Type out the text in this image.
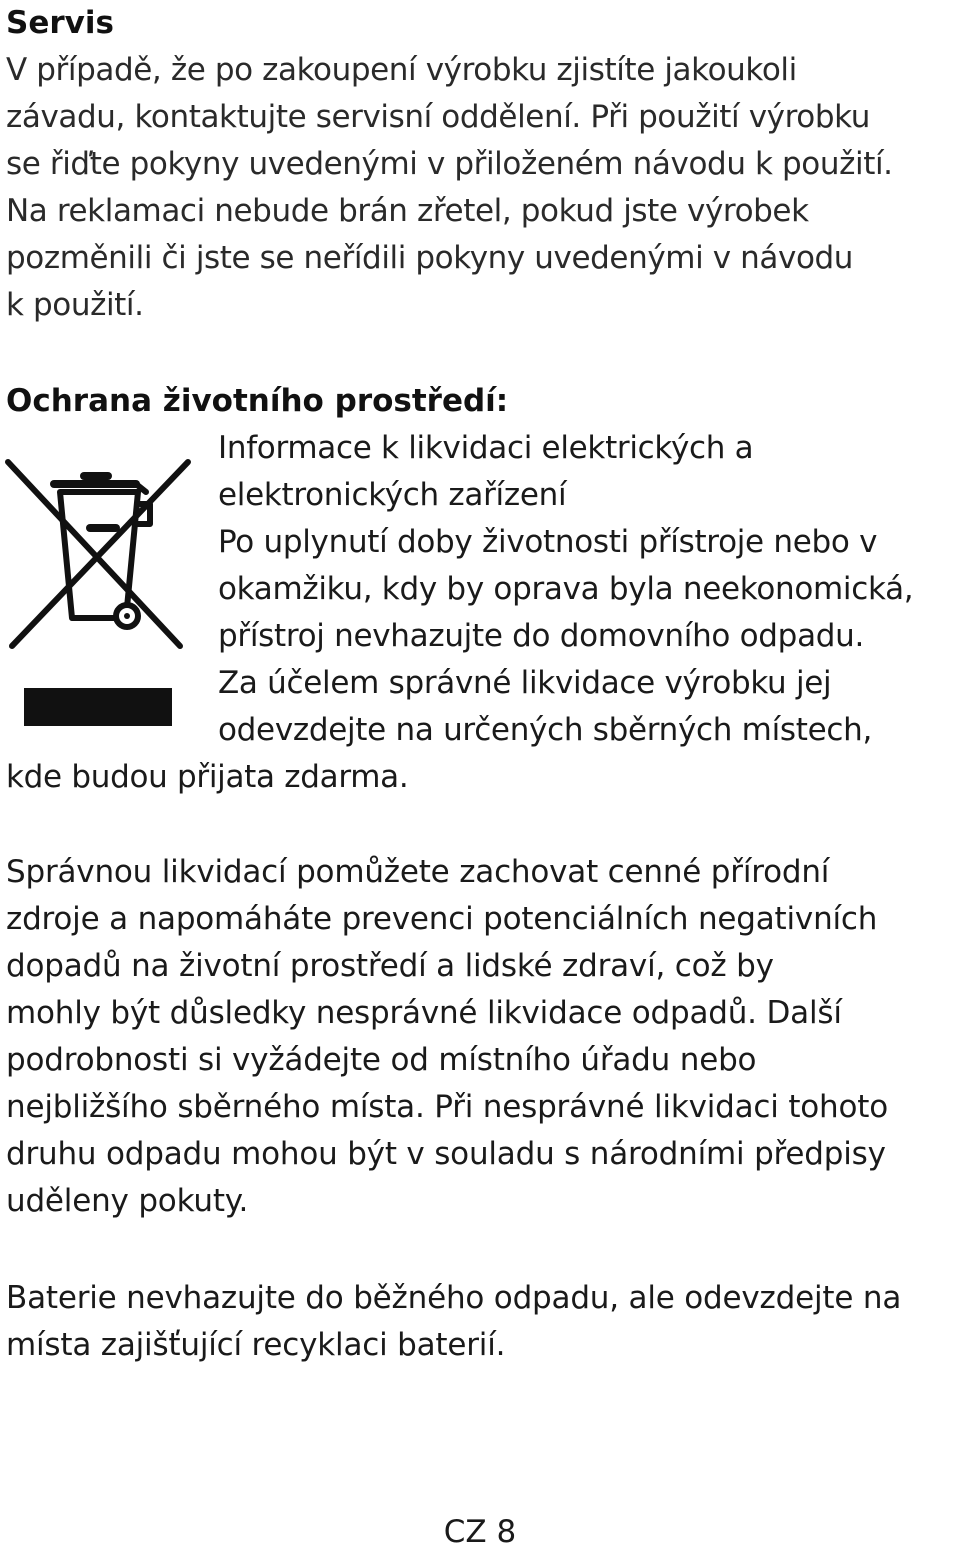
Servis

V případě, že po zakoupení výrobku zjistíte jakoukoli
závadu, kontaktujte servisní oddělení. Při použití výrobku
se řiďte pokyny uvedenými v přiloženém návodu k použití.
Na reklamaci nebude brán zřetel, pokud jste výrobek
pozměnili či jste se neřídili pokyny uvedenými v návodu
k použití.

Ochrana životního prostředí:

Informace k likvidaci elektrických a
elektronických zařízení
Po uplynutí doby životnosti přístroje nebo v
okamžiku, kdy by oprava byla neekonomická,
přístroj nevhazujte do domovního odpadu.
Za účelem správné likvidace výrobku jej
odevzdejte na určených sběrných místech,

kde budou přijata zdarma.

Správnou likvidací pomůžete zachovat cenné přírodní
zdroje a napomáháte prevenci potenciálních negativních
dopadů na životní prostředí a lidské zdraví, což by
mohly být důsledky nesprávné likvidace odpadů. Další
podrobnosti si vyžádejte od místního úřadu nebo
nejbližšího sběrného místa. Při nesprávné likvidaci tohoto
druhu odpadu mohou být v souladu s národními předpisy
uděleny pokuty.

Baterie nevhazujte do běžného odpadu, ale odevzdejte na
místa zajišťující recyklaci baterií.

CZ 8
